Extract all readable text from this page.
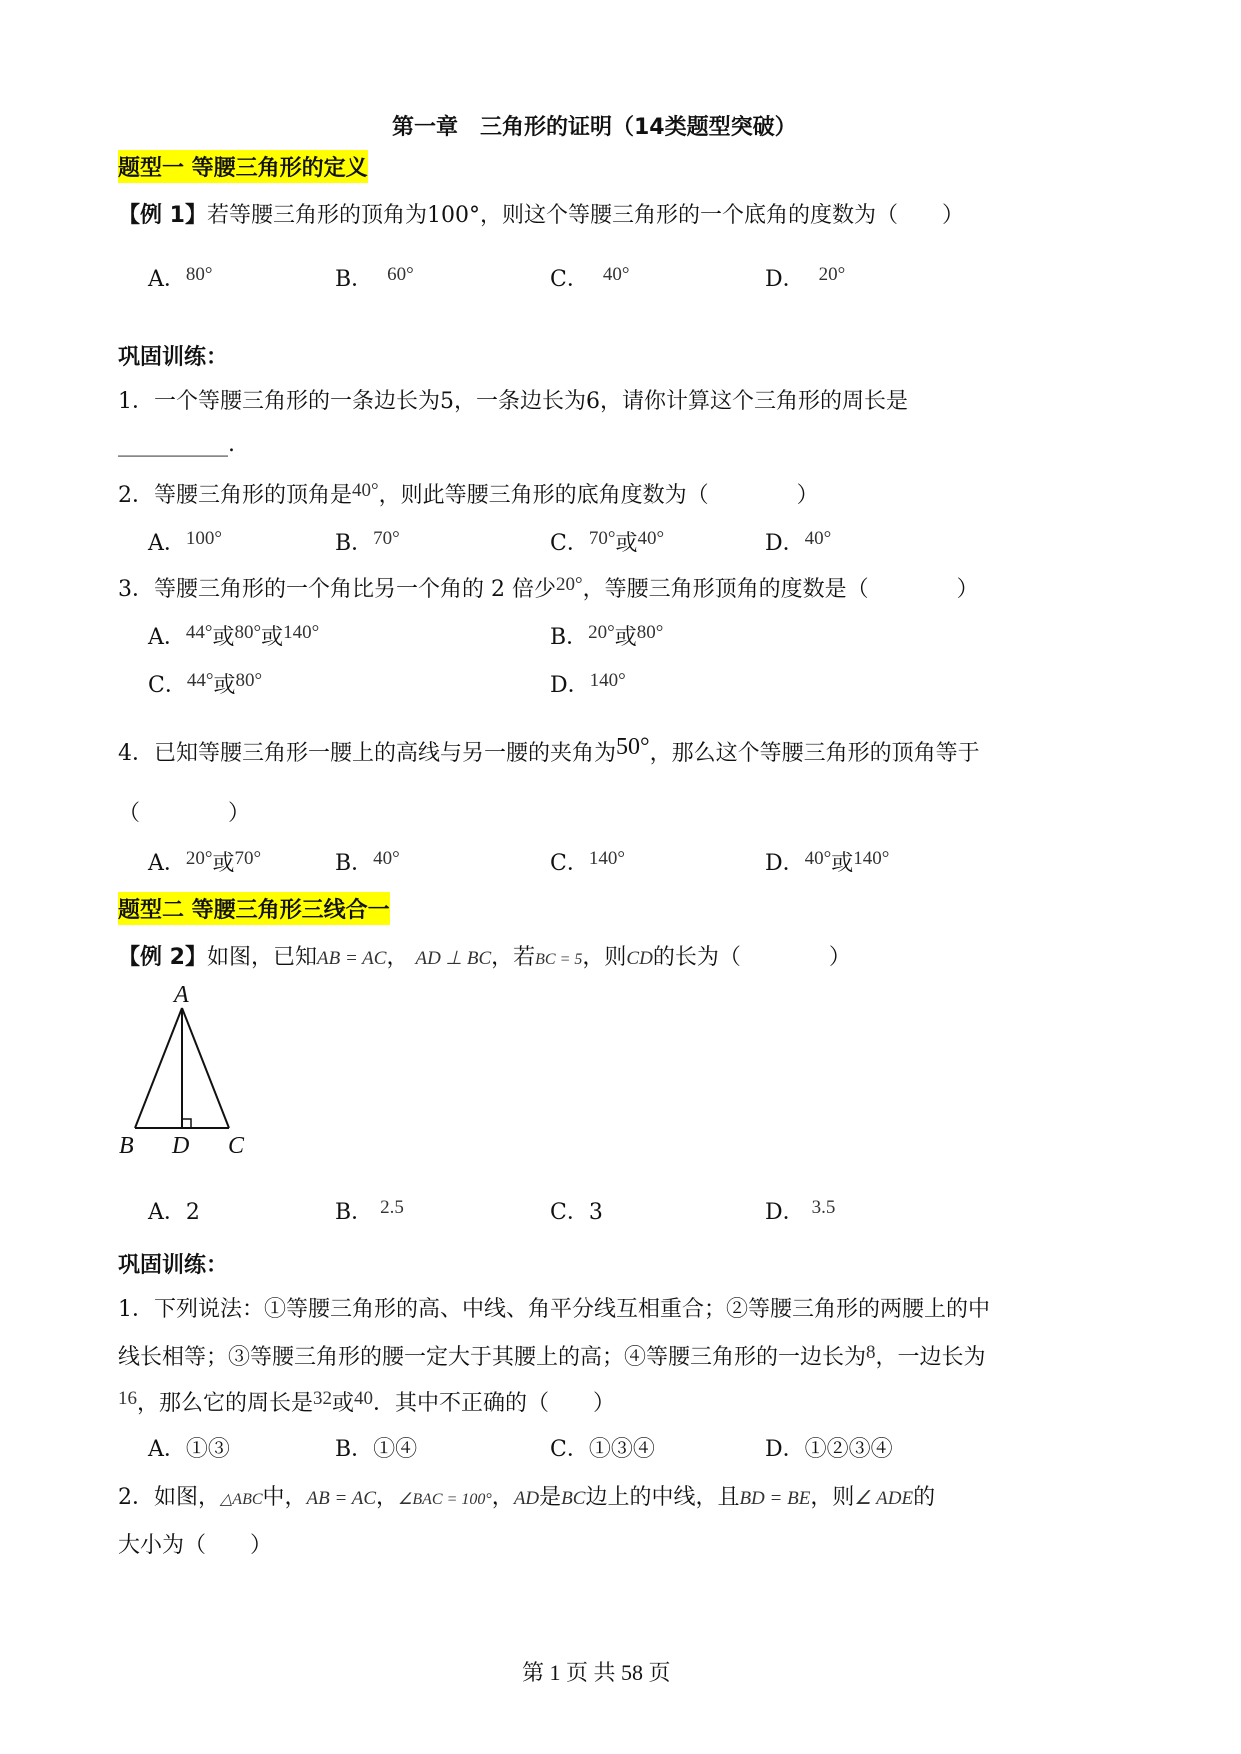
第一章　三角形的证明（14类题型突破）
题型一 等腰三角形的定义
【例 1】若等腰三角形的顶角为100°，则这个等腰三角形的一个底角的度数为（　　）
A．80°	B． 60°	C． 40°	D． 20°
巩固训练：
1．一个等腰三角形的一条边长为5，一条边长为6，请你计算这个三角形的周长是
__________.
2．等腰三角形的顶角是40°，则此等腰三角形的底角度数为（　　　　）
A．100°	B．70°	C．70°或40°	D．40°
3．等腰三角形的一个角比另一个角的 2 倍少20°，等腰三角形顶角的度数是（　　　　）
A．44°或80°或140°	B．20°或80°
C．44°或80°	D．140°
4．已知等腰三角形一腰上的高线与另一腰的夹角为50°，那么这个等腰三角形的顶角等于
（　　　　）
A．20°或70°	B．40°	C．140°	D．40°或140°
题型二 等腰三角形三线合一
【例 2】如图，已知AB = AC， AD ⊥ BC，若BC = 5，则CD的长为（　　　　）
A
B D C
A．2	B． 2.5	C．3	D． 3.5
巩固训练：
1．下列说法：①等腰三角形的高、中线、角平分线互相重合；②等腰三角形的两腰上的中
线长相等；③等腰三角形的腰一定大于其腰上的高；④等腰三角形的一边长为8，一边长为
16，那么它的周长是32或40．其中不正确的（　　）
A．①③	B．①④	C．①③④	D．①②③④
2．如图，△ABC中，AB = AC，∠BAC = 100°，AD是BC边上的中线，且BD = BE，则∠ ADE的
大小为（　　）
第 1 页 共 58 页
